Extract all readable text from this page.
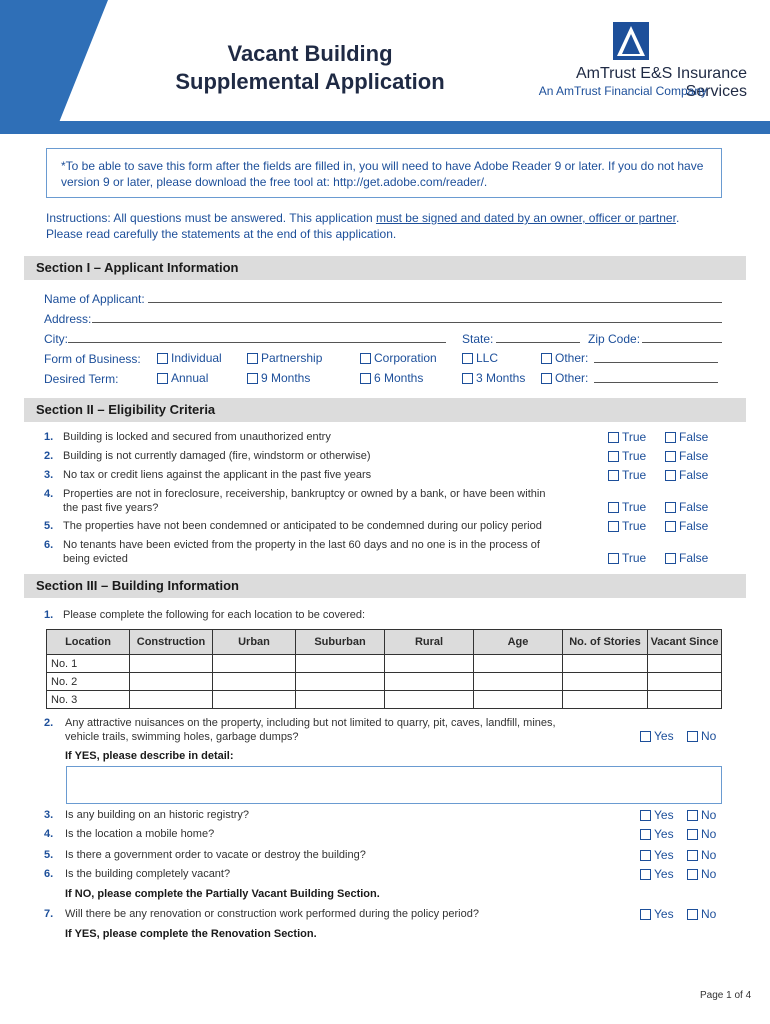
Vacant Building
Supplemental Application	AmTrust E&S Insurance Services
An AmTrust Financial Company
*To be able to save this form after the fields are filled in, you will need to have Adobe Reader 9 or later. If you do not have version 9 or later, please download the free tool at: http://get.adobe.com/reader/.
Instructions: All questions must be answered. This application must be signed and dated by an owner, officer or partner.
Please read carefully the statements at the end of this application.
Section I – Applicant Information
Name of Applicant:
Address:
City:	State:	Zip Code:
Form of Business:	Individual	Partnership	Corporation	LLC	Other:
Desired Term:	Annual	9 Months	6 Months	3 Months Other:
Section II – Eligibility Criteria
1. Building is locked and secured from unauthorized entry	True	False
2. Building is not currently damaged (fire, windstorm or otherwise)	True	False
3. No tax or credit liens against the applicant in the past five years	True	False
4. Properties are not in foreclosure, receivership, bankruptcy or owned by a bank, or have been within
the past five years?	True	False
5. The properties have not been condemned or anticipated to be condemned during our policy period	True	False
6. No tenants have been evicted from the property in the last 60 days and no one is in the process of
being evicted	True	False
Section III – Building Information
1. Please complete the following for each location to be covered:
Location	Construction	Urban	Suburban	Rural	Age	No. of Stories	Vacant Since
No. 1							
No. 2							
No. 3							
2. Any attractive nuisances on the property, including but not limited to quarry, pit, caves, landfill, mines,
vehicle trails, swimming holes, garbage dumps?	Yes No
If YES, please describe in detail:
3. Is any building on an historic registry?	Yes No
4. Is the location a mobile home?	Yes No
5. Is there a government order to vacate or destroy the building?	Yes No
6. Is the building completely vacant?	Yes No
If NO, please complete the Partially Vacant Building Section.
7. Will there be any renovation or construction work performed during the policy period?	Yes No
If YES, please complete the Renovation Section.
Page 1 of 4
